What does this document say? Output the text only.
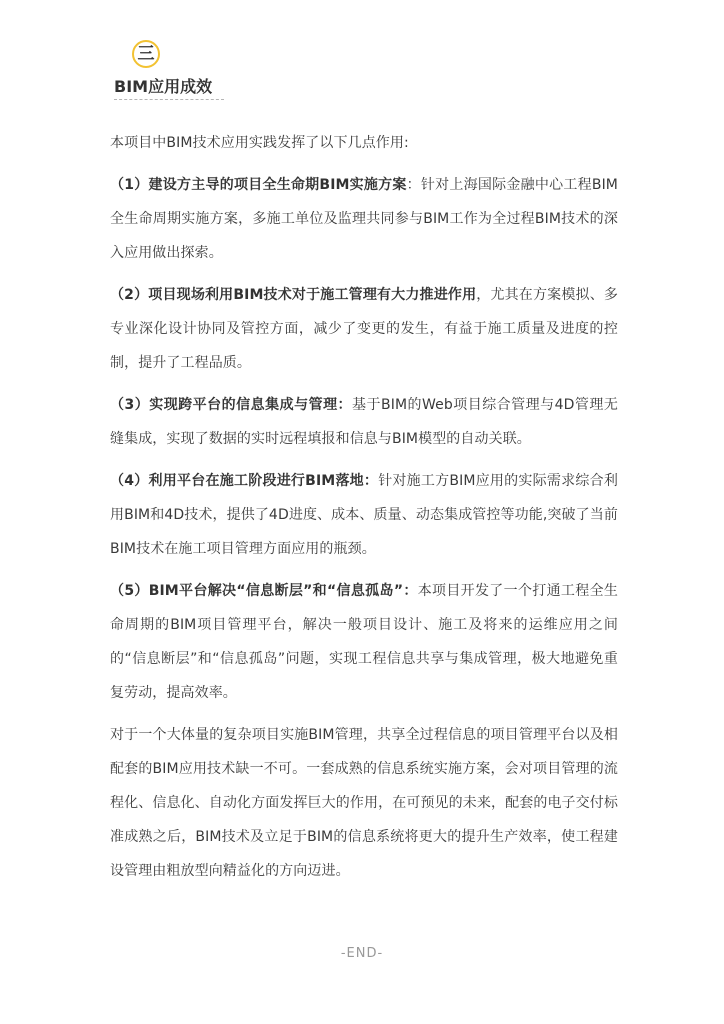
三
BIM应用成效

本项目中BIM技术应用实践发挥了以下几点作用:

（1）建设方主导的项目全生命期BIM实施方案：针对上海国际金融中心工程BIM全生命周期实施方案，多施工单位及监理共同参与BIM工作为全过程BIM技术的深入应用做出探索。

（2）项目现场利用BIM技术对于施工管理有大力推进作用，尤其在方案模拟、多专业深化设计协同及管控方面，减少了变更的发生，有益于施工质量及进度的控制，提升了工程品质。

（3）实现跨平台的信息集成与管理：基于BIM的Web项目综合管理与4D管理无缝集成，实现了数据的实时远程填报和信息与BIM模型的自动关联。

（4）利用平台在施工阶段进行BIM落地：针对施工方BIM应用的实际需求综合利用BIM和4D技术，提供了4D进度、成本、质量、动态集成管控等功能,突破了当前BIM技术在施工项目管理方面应用的瓶颈。

（5）BIM平台解决“信息断层”和“信息孤岛”：本项目开发了一个打通工程全生命周期的BIM项目管理平台，解决一般项目设计、施工及将来的运维应用之间的“信息断层”和“信息孤岛”问题，实现工程信息共享与集成管理，极大地避免重复劳动，提高效率。

对于一个大体量的复杂项目实施BIM管理，共享全过程信息的项目管理平台以及相配套的BIM应用技术缺一不可。一套成熟的信息系统实施方案，会对项目管理的流程化、信息化、自动化方面发挥巨大的作用，在可预见的未来，配套的电子交付标准成熟之后，BIM技术及立足于BIM的信息系统将更大的提升生产效率，使工程建设管理由粗放型向精益化的方向迈进。

-END-
